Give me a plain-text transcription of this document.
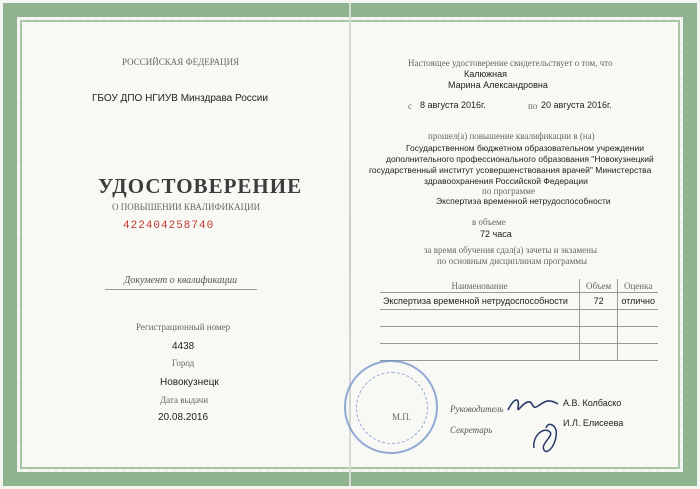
РОССИЙСКАЯ ФЕДЕРАЦИЯ
ГБОУ ДПО НГИУВ Минздрава России
УДОСТОВЕРЕНИЕ
О ПОВЫШЕНИИ КВАЛИФИКАЦИИ
422404258740
Документ о квалификации
Регистрационный номер
4438
Город
Новокузнецк
Дата выдачи
20.08.2016
Настоящее удостоверение свидетельствует о том, что
Калюжная
Марина Александровна
с 8 августа 2016г.	по 20 августа 2016г.
прошел(а) повышение квалификации в (на)
Государственном бюджетном образовательном учреждении
дополнительного профессионального образования "Новокузнецкий
государственный институт усовершенствования врачей" Министерства
здравоохранения Российской Федерации
по программе
Экспертиза временной нетрудоспособности
в объеме
72 часа
за время обучения сдал(а) зачеты и экзамены
по основным дисциплинам программы
Наименование	Объем	Оценка
Экспертиза временной нетрудоспособности	72	отлично

М.П.
Руководитель
А.В. Колбаско
Секретарь
И.Л. Елисеева
